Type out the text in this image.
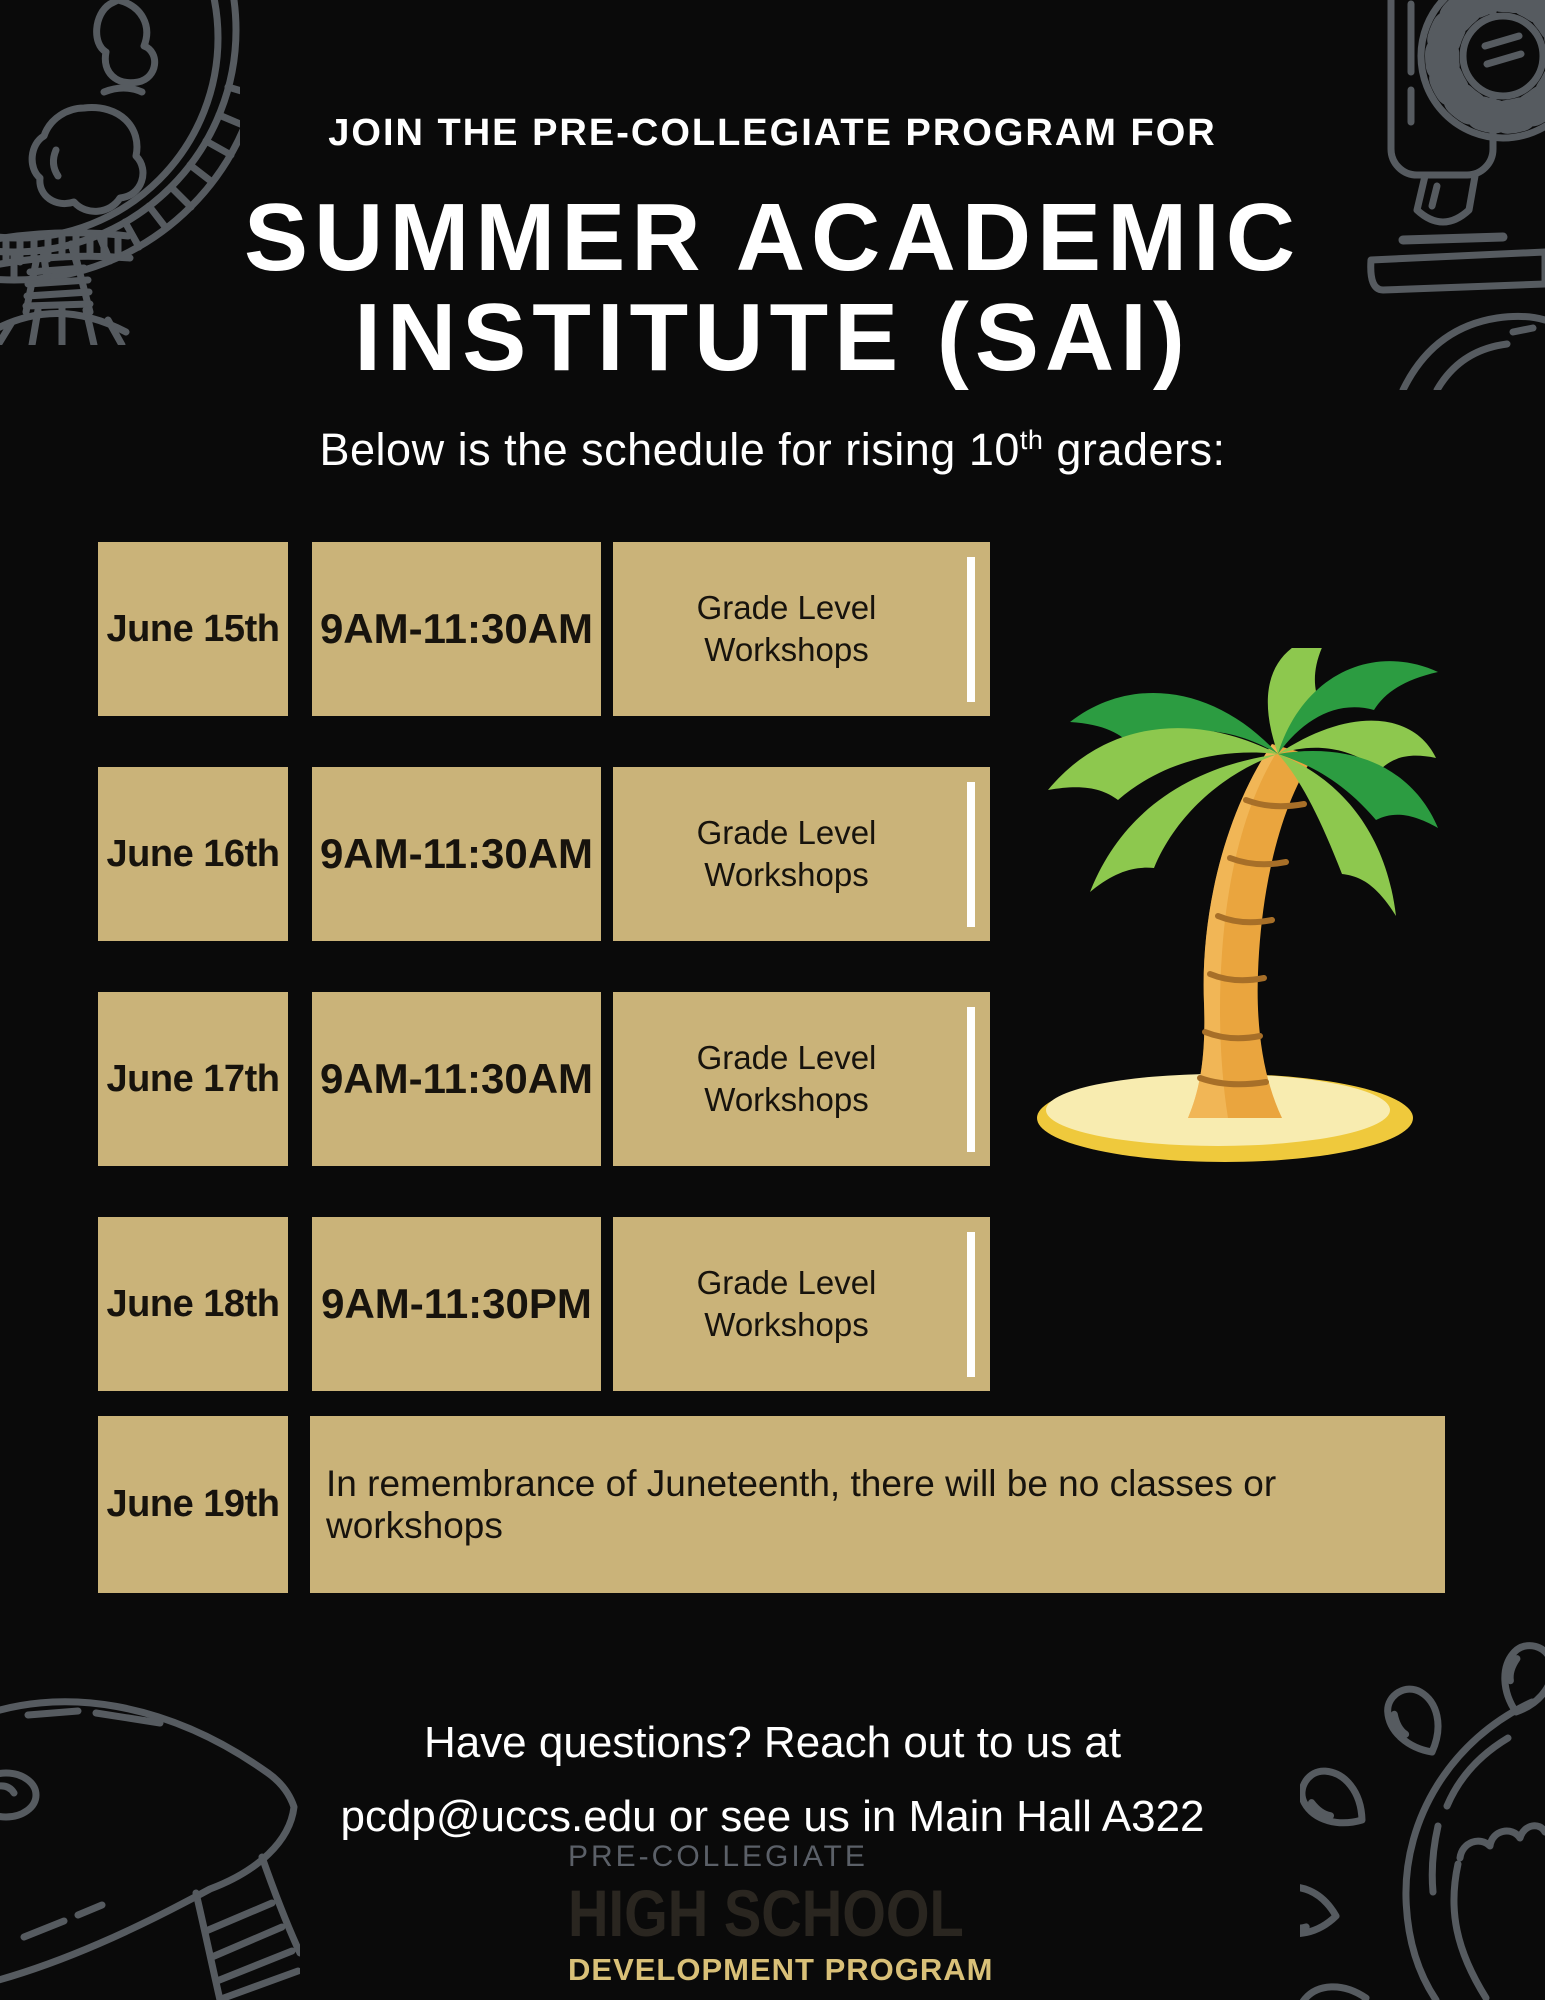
JOIN THE PRE-COLLEGIATE PROGRAM FOR
SUMMER ACADEMIC
INSTITUTE (SAI)
Below is the schedule for rising 10th graders:
June 15th 9AM-11:30AM	Grade Level Workshops
June 16th 9AM-11:30AM	Grade Level Workshops
June 17th 9AM-11:30AM	Grade Level Workshops
June 18th 9AM-11:30PM	Grade Level Workshops
June 19th	In remembrance of Juneteenth, there will be no classes or workshops
Have questions? Reach out to us at
pcdp@uccs.edu or see us in Main Hall A322
PRE-COLLEGIATE
HIGH SCHOOL
DEVELOPMENT PROGRAM
